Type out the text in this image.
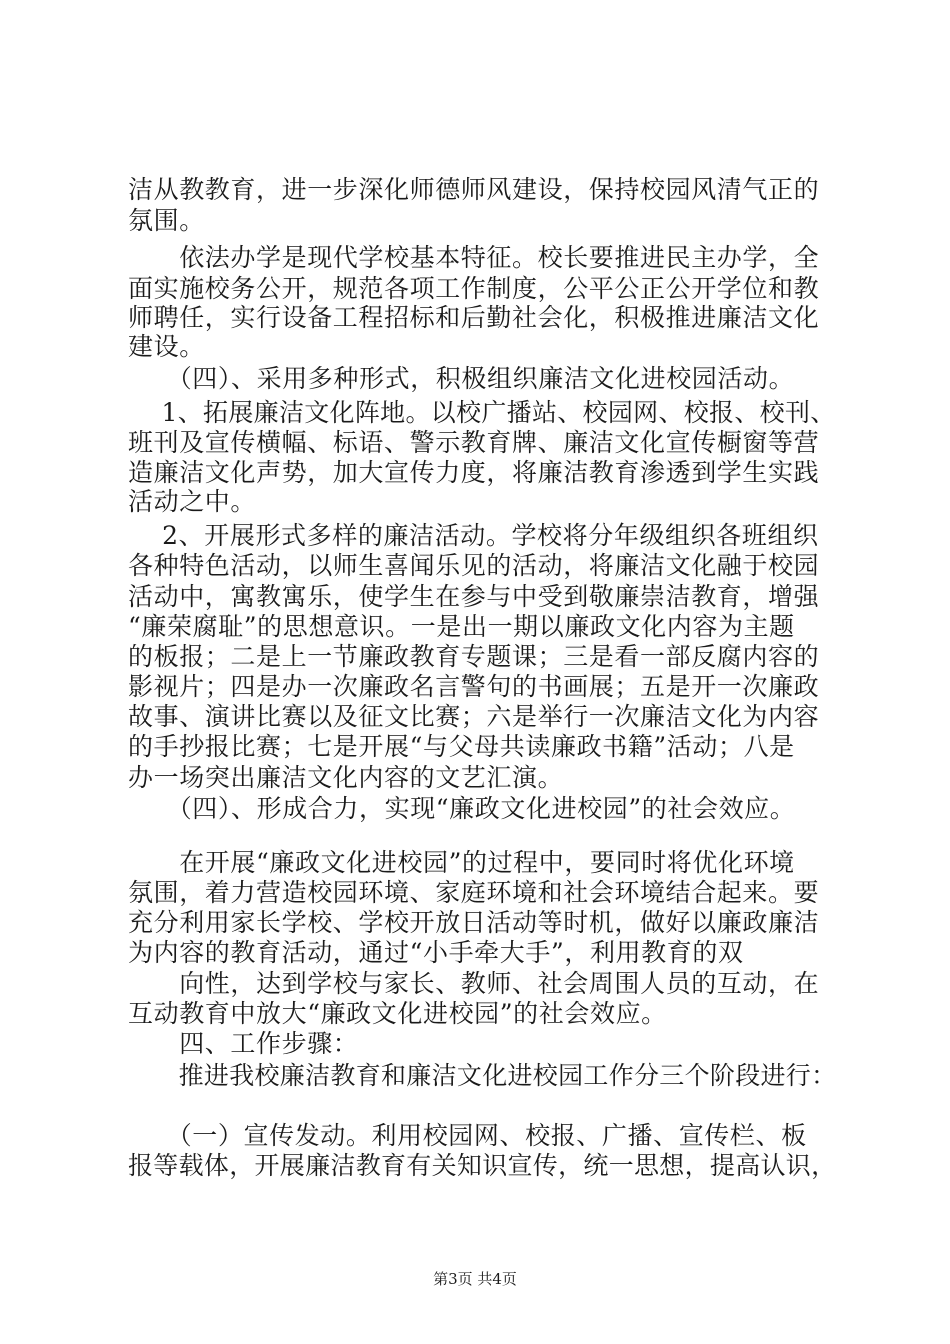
洁从教教育，进一步深化师德师风建设，保持校园风清气正的

氛围。

　　依法办学是现代学校基本特征。校长要推进民主办学，全

面实施校务公开，规范各项工作制度，公平公正公开学位和教

师聘任，实行设备工程招标和后勤社会化，积极推进廉洁文化

建设。

　　（四）、采用多种形式，积极组织廉洁文化进校园活动。

　 1、拓展廉洁文化阵地。以校广播站、校园网、校报、校刊、

班刊及宣传横幅、标语、警示教育牌、廉洁文化宣传橱窗等营

造廉洁文化声势，加大宣传力度，将廉洁教育渗透到学生实践

活动之中。

　 2、开展形式多样的廉洁活动。学校将分年级组织各班组织

各种特色活动，以师生喜闻乐见的活动，将廉洁文化融于校园

活动中，寓教寓乐，使学生在参与中受到敬廉崇洁教育，增强

“廉荣腐耻”的思想意识。一是出一期以廉政文化内容为主题

的板报；二是上一节廉政教育专题课；三是看一部反腐内容的

影视片；四是办一次廉政名言警句的书画展；五是开一次廉政

故事、演讲比赛以及征文比赛；六是举行一次廉洁文化为内容

的手抄报比赛；七是开展“与父母共读廉政书籍”活动；八是

办一场突出廉洁文化内容的文艺汇演。

　　（四）、形成合力，实现“廉政文化进校园”的社会效应。

　　在开展“廉政文化进校园”的过程中，要同时将优化环境

氛围，着力营造校园环境、家庭环境和社会环境结合起来。要

充分利用家长学校、学校开放日活动等时机，做好以廉政廉洁

为内容的教育活动，通过“小手牵大手”，利用教育的双

　　向性，达到学校与家长、教师、社会周围人员的互动，在

互动教育中放大“廉政文化进校园”的社会效应。

　　四、工作步骤：

　　推进我校廉洁教育和廉洁文化进校园工作分三个阶段进行：

　　（一）宣传发动。利用校园网、校报、广播、宣传栏、板

报等载体，开展廉洁教育有关知识宣传，统一思想，提高认识，

第3页 共4页
